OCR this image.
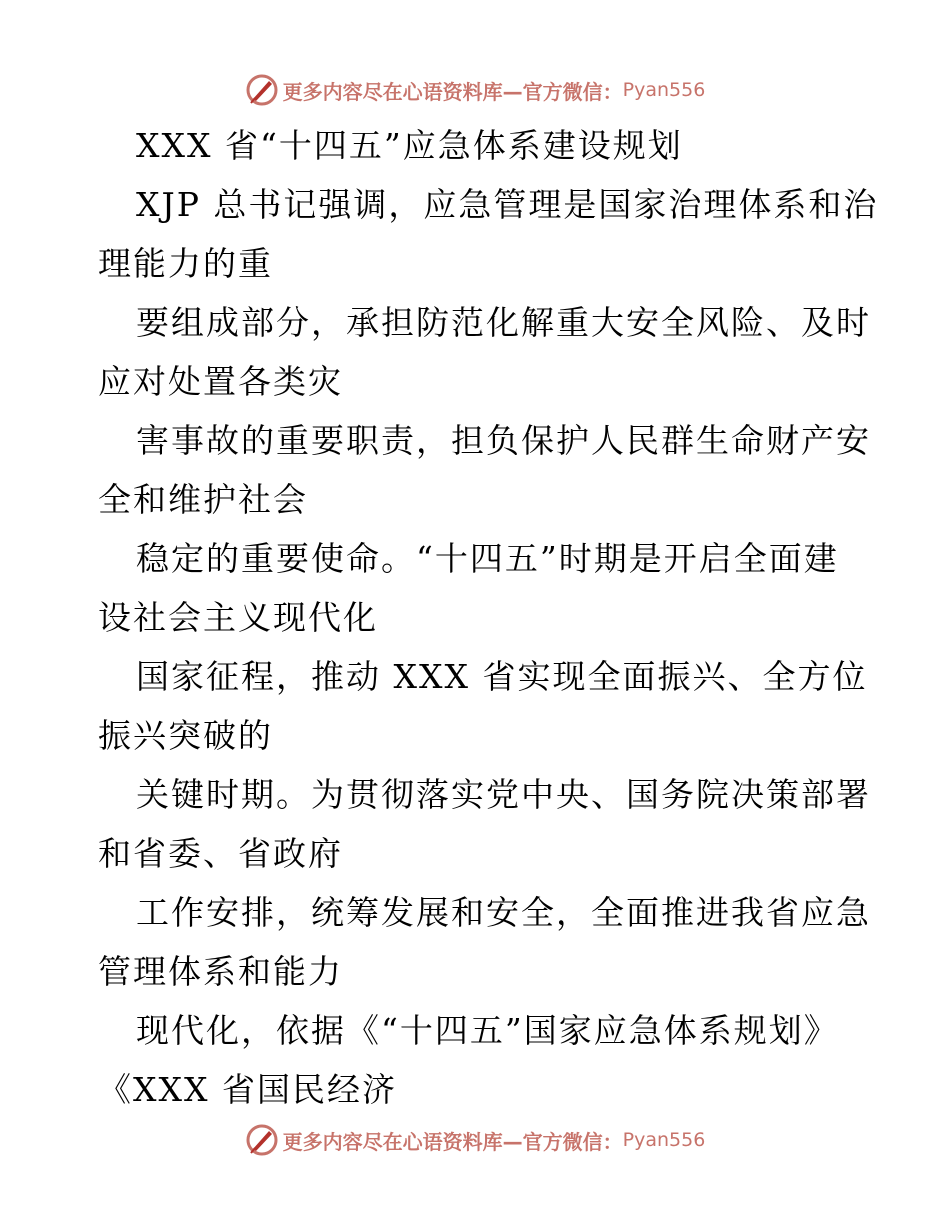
更多内容尽在心语资料库—官方微信： Pyan556
XXX 省“十四五”应急体系建设规划
XJP 总书记强调，应急管理是国家治理体系和治
理能力的重
要组成部分，承担防范化解重大安全风险、及时
应对处置各类灾
害事故的重要职责，担负保护人民群生命财产安
全和维护社会
稳定的重要使命。“十四五”时期是开启全面建
设社会主义现代化
国家征程，推动 XXX 省实现全面振兴、全方位
振兴突破的
关键时期。为贯彻落实党中央、国务院决策部署
和省委、省政府
工作安排，统筹发展和安全，全面推进我省应急
管理体系和能力
现代化，依据《“十四五”国家应急体系规划》
《XXX 省国民经济
更多内容尽在心语资料库—官方微信： Pyan556
